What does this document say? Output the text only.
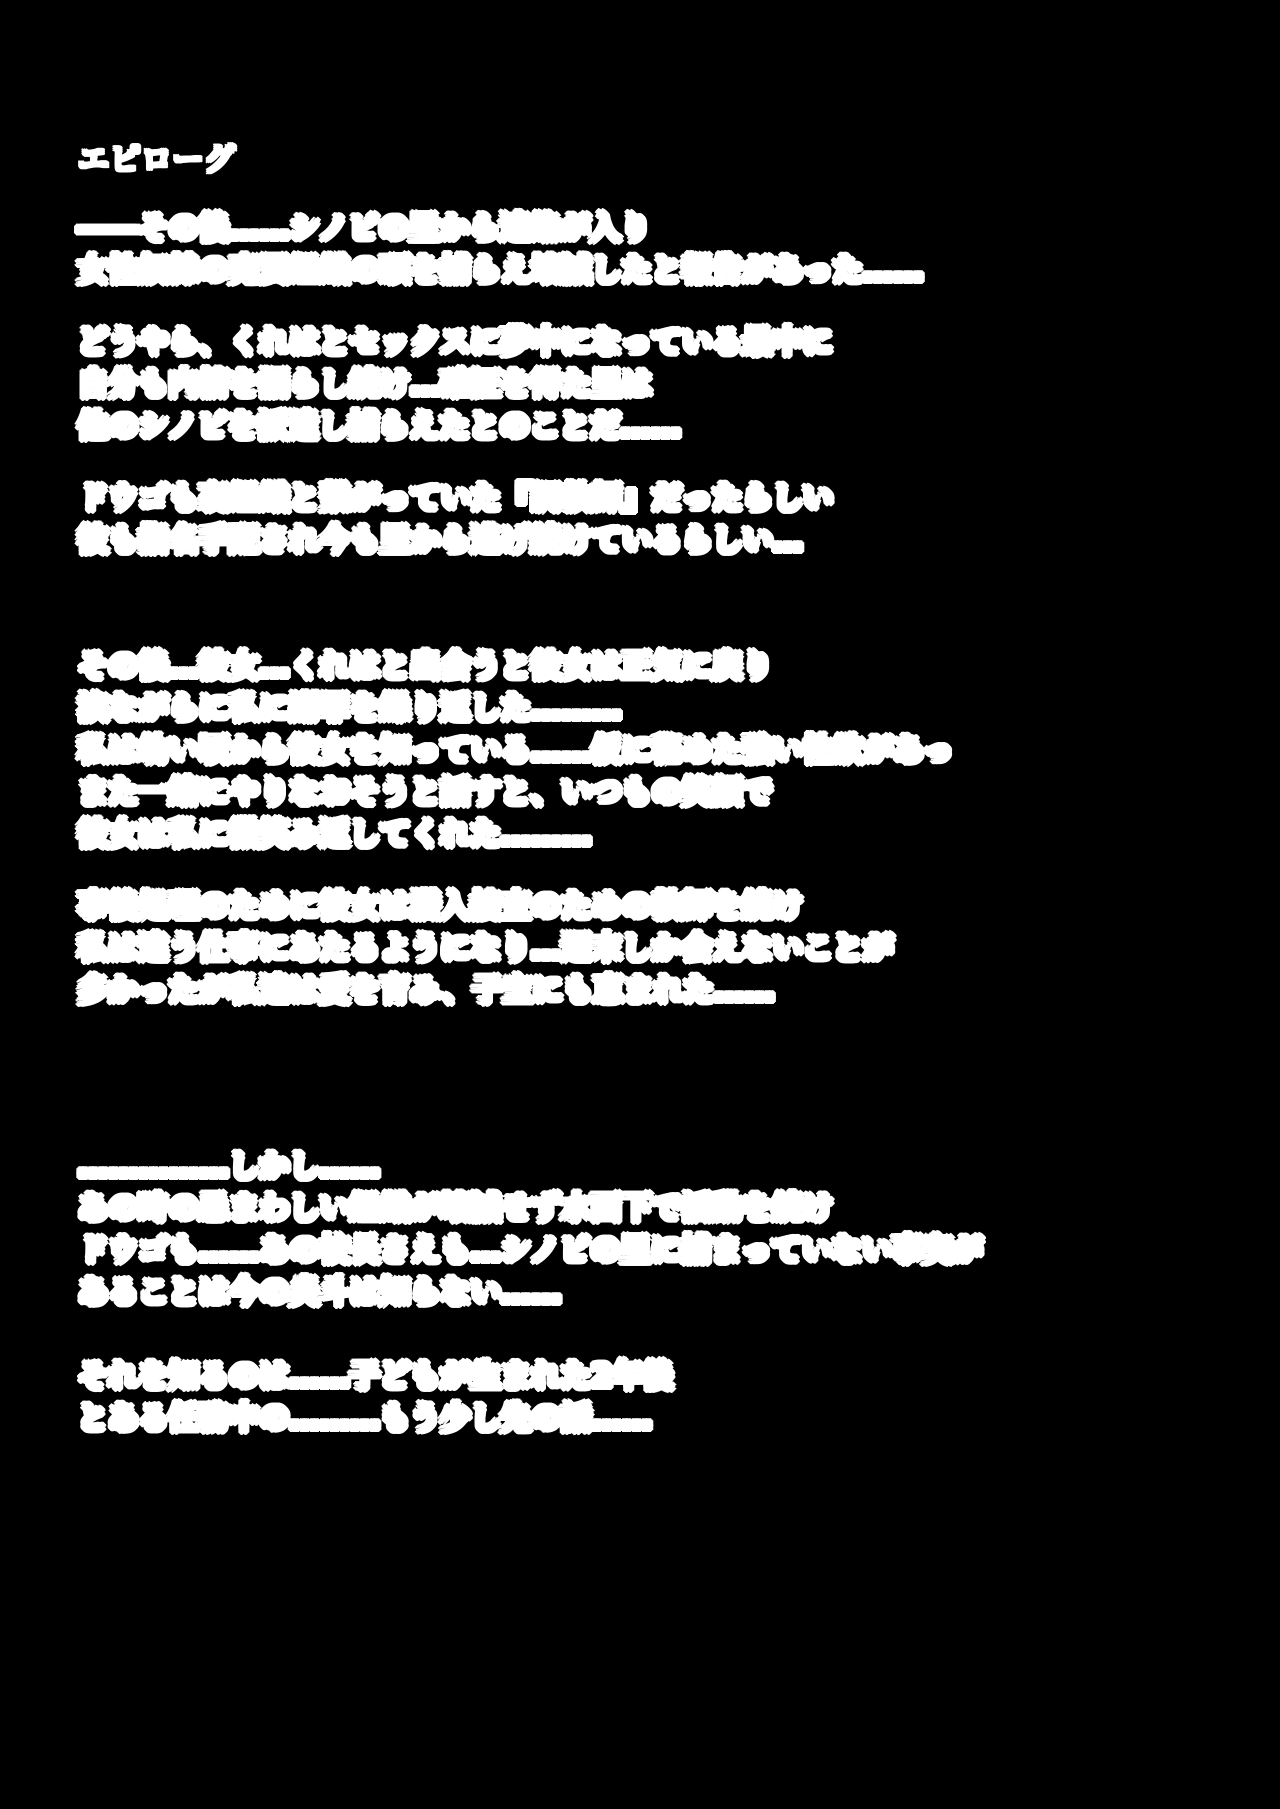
エピローグ
――その後……シノビの里から連絡が入り
女性奴隷の売買組織の頭を捕らえ壊滅したと報告があった……
どうやら、くれはとセックスに夢中になっている最中に
自分も内情を漏らし続け…確証を得た里は
他のシノビを派遣し捕らえたとのことだ……
ドウゴも裏組織と繋がっていた『調教師』だったらしい
彼も指名手配され今も里から逃げ続けているらしい…
その後…彼女…くれはと出会うと彼女は正気に戻り
涙ながらに私に謝罪を繰り返した………
私は幼い頃から彼女を知っている……仮に秘めた強い性欲があっ
また一緒にやりなおそうと話すと、いつもの笑顔で
彼女は私に微笑み返してくれた………
事後処理のために彼女は潜入捜査のための教師を続け
私は違う仕事にあたるようになり…週末しか会えないことが
多かったが私達は愛を育み、子宝にも恵まれた……
……………しかし……
あの時の忌まわしい組織が壊滅せず水面下で活動を続け
ドウゴも……あの校長さえも…シノビの里に捕まっていない事実が
あることは今の炎斗は知らない……
それを知るのは……子どもが生まれた2年後
とある任務中の………もう少し先の話……
